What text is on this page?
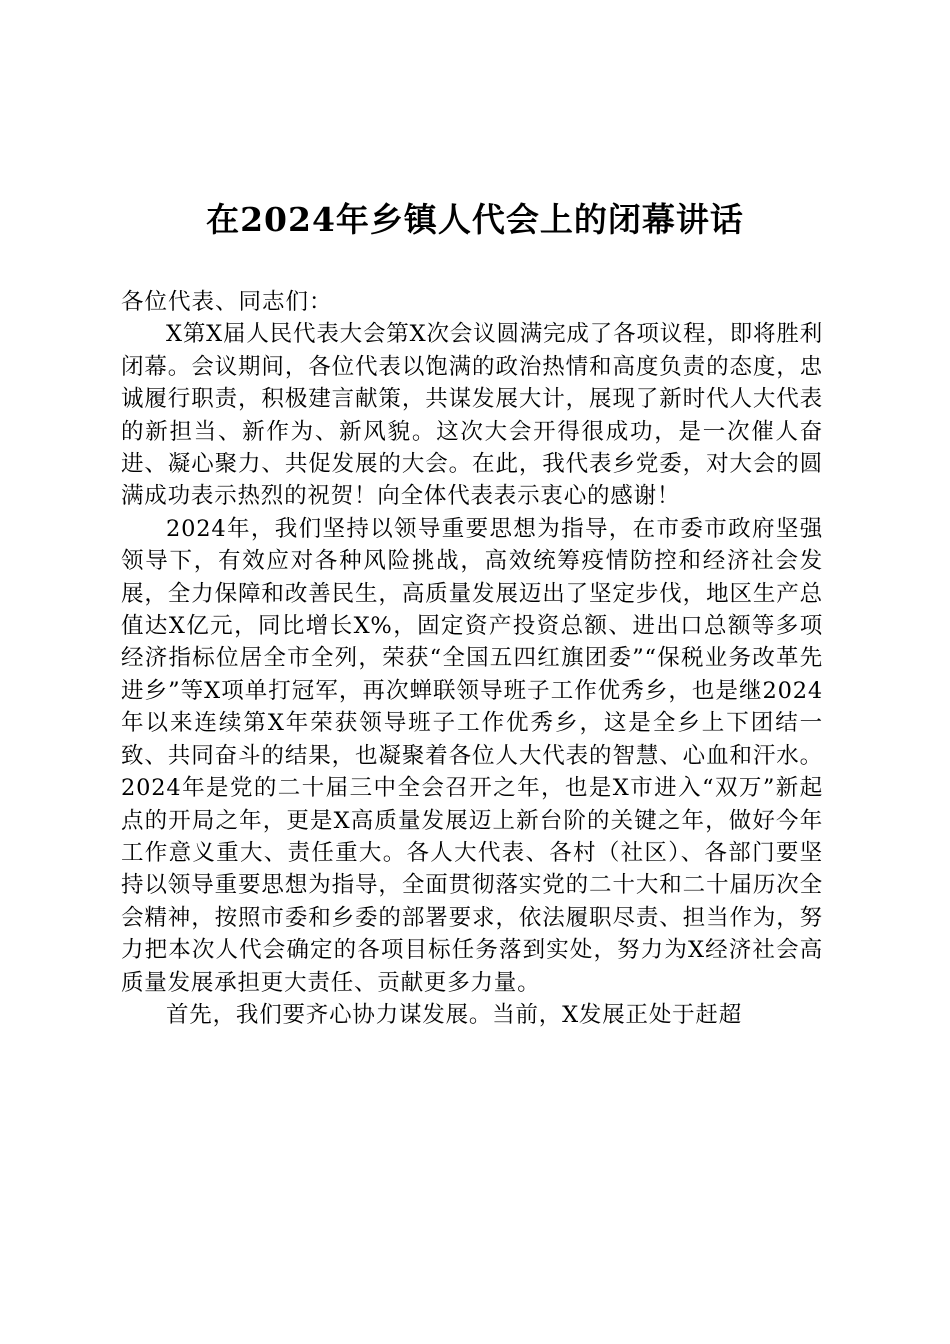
在2024年乡镇人代会上的闭幕讲话

各位代表、同志们：

X第X届人民代表大会第X次会议圆满完成了各项议程，即将胜利闭幕。会议期间，各位代表以饱满的政治热情和高度负责的态度，忠诚履行职责，积极建言献策，共谋发展大计，展现了新时代人大代表的新担当、新作为、新风貌。这次大会开得很成功，是一次催人奋进、凝心聚力、共促发展的大会。在此，我代表乡党委，对大会的圆满成功表示热烈的祝贺！向全体代表表示衷心的感谢！

2024年，我们坚持以领导重要思想为指导，在市委市政府坚强领导下，有效应对各种风险挑战，高效统筹疫情防控和经济社会发展，全力保障和改善民生，高质量发展迈出了坚定步伐，地区生产总值达X亿元，同比增长X%，固定资产投资总额、进出口总额等多项经济指标位居全市全列，荣获“全国五四红旗团委”“保税业务改革先进乡”等X项单打冠军，再次蝉联领导班子工作优秀乡，也是继2024年以来连续第X年荣获领导班子工作优秀乡，这是全乡上下团结一致、共同奋斗的结果，也凝聚着各位人大代表的智慧、心血和汗水。2024年是党的二十届三中全会召开之年，也是X市进入“双万”新起点的开局之年，更是X高质量发展迈上新台阶的关键之年，做好今年工作意义重大、责任重大。各人大代表、各村（社区）、各部门要坚持以领导重要思想为指导，全面贯彻落实党的二十大和二十届历次全会精神，按照市委和乡委的部署要求，依法履职尽责、担当作为，努力把本次人代会确定的各项目标任务落到实处，努力为X经济社会高质量发展承担更大责任、贡献更多力量。

首先，我们要齐心协力谋发展。当前，X发展正处于赶超
